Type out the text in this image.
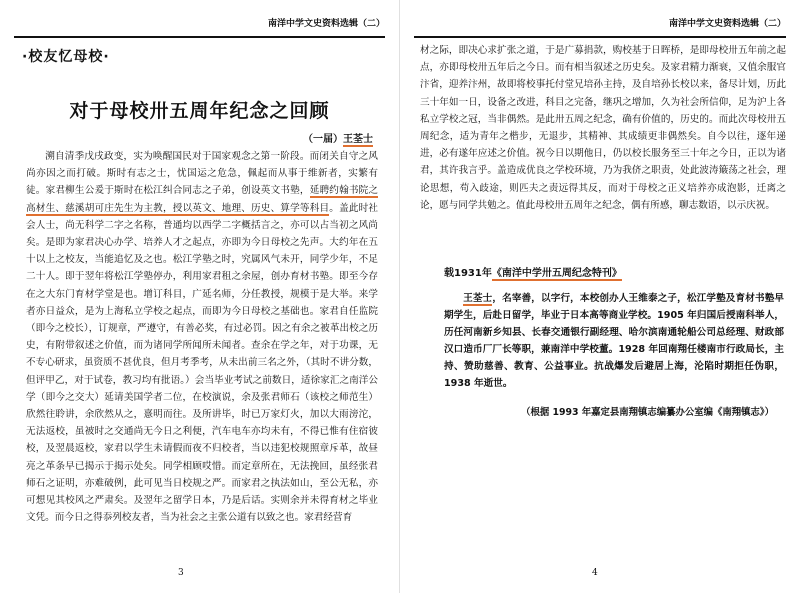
南洋中学文史资料选辑（二）
·校友忆母校·
对于母校卅五周年纪念之回顾
（一届）王荃士
溯自清季戊戌政变，实为唤醒国民对于国家观念之第一阶段。而闭关自守之风尚亦因之而打破。斯时有志之士，忧国运之危急，佩起而从事于维新者，实繁有徒。家君柳生公爰于斯时在松江纠合同志之子弟，创设英文书塾，延聘约翰书院之高材生、慈溪胡可庄先生为主教，授以英文、地理、历史、算学等科目。盖此时社会人士，尚无科学二字之名称，普通均以西学二字概括言之，亦可以占当初之风尚矣。是即为家君决心办学、培养人才之起点，亦即为今日母校之先声。大约年在五十以上之校友，当能追忆及之也。松江学塾之时，究属风气未开，同学少年，不足二十人。即于翌年将松江学塾停办，利用家君租之余屋，创办育材书塾。即至今存在之大东门育材学堂是也。增订科目，广延名师，分任教授，规模于是大举。来学者亦日益众，是为上海私立学校之起点，而即为今日母校之基础也。家君自任监院（即今之校长），订规章，严遵守，有善必奖，有过必罚。因之有余之被革出校之历史，有附带叙述之价值，而为诸同学所闻所未闻者。查余在学之年，对于功课，无不专心研求，虽资质不甚优良，但月考季考，从未出前三名之外，（其时不讲分数，但评甲乙，对于试卷，教习均有批语。）会当毕业考试之前数日，适徐家汇之南洋公学（即今之交大）延请美国学者二位，在校演说，余及张君师石（该校之师范生）欣然往聆讲，余欣然从之，憙明而往。及所讲毕，时已万家灯火，加以大雨滂沱，无法返校，虽被时之交通尚无今日之利便，汽车电车亦均未有，不得已惟有住宿彼校，及翌晨返校，家君以学生未请假而夜不归校者，当以违犯校规照章斥革，故昼亮之革条早已揭示于揭示处矣。同学相顾哎惜。而定章所在，无法挽回，虽经张君师石之证明，亦难破例，此可见当日校规之严。而家君之执法如山，至公无私，亦可想见其校风之严肃矣。及翌年之留学日本，乃是后话。实则余并未得育材之毕业文凭。而今日之得忝列校友者，当为社会之主张公道有以致之也。家君经营育
3
南洋中学文史资料选辑（二）
材之际，即决心求扩张之道，于是广募捐款，购校基于日晖桥，是即母校卅五年前之起点，亦即母校卅五年后之今日。而有相当叙述之历史矣。及家君精力渐衰，又值余服官汴省，迎养汴州，故即将校事托付堂兄培孙主持，及自培孙长校以来，备尽计划，历此三十年如一日，设备之改进，科目之完备，继巩之增加，久为社会所信仰，足为沪上各私立学校之冠，当非偶然。是此卅五周之纪念，确有价值的，历史的。而此次母校卅五周纪念，适为青年之楷步，无退步，其精神、其成绩更非偶然矣。自今以往，逐年递进，必有遂年应述之价值。祝今日以期他日，仍以校长服务至三十年之今日，正以为诸君，其许我言乎。盖造成优良之学校环境，乃为我侪之职责，处此波涛簸荡之社会，理论思想，苟入歧途，则匹夫之责远得其反，而对于母校之正义培养亦成泡影，迁离之论，愿与同学共勉之。值此母校卅五周年之纪念，偶有所感，聊志数语，以示庆祝。
载1931年《南洋中学卅五周纪念特刊》
王荃士，名宰善，以字行，本校创办人王维泰之子，松江学塾及育材书塾早期学生，后赴日留学，毕业于日本高等商业学校。1905 年归国后授南科举人，历任河南新乡知县、长春交通银行副经理、哈尔滨南通轮船公司总经理、财政部汉口造币厂厂长等职，兼南洋中学校董。1928 年回南翔任楼南市行政局长，主持、赞助慈善、教育、公益事业。抗战爆发后避居上海，沦陷时期拒任伪职，1938 年逝世。
（根据 1993 年嘉定县南翔镇志编纂办公室编《南翔镇志》）
4
